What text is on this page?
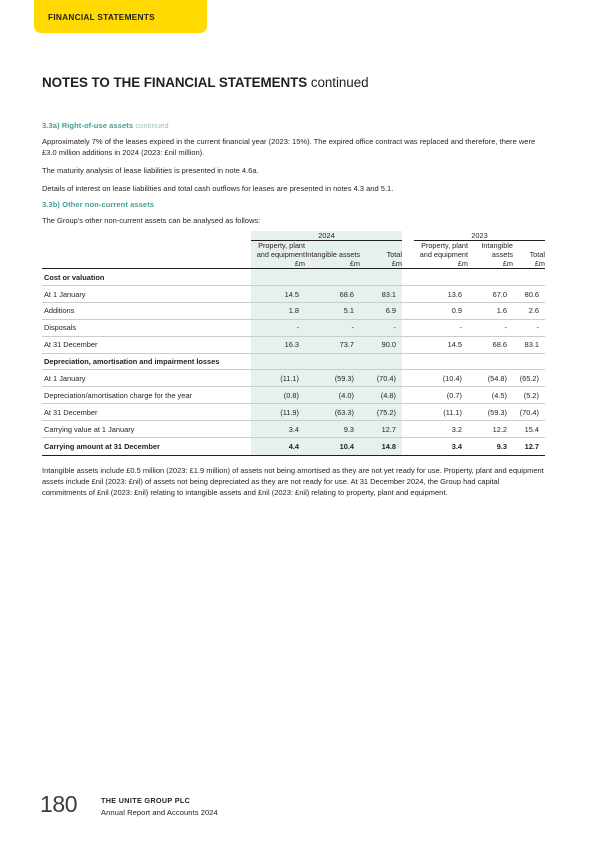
FINANCIAL STATEMENTS
NOTES TO THE FINANCIAL STATEMENTS continued
3.3a) Right-of-use assets continued

Approximately 7% of the leases expired in the current financial year (2023: 15%). The expired office contract was replaced and therefore, there were £3.0 million additions in 2024 (2023: £nil million).

The maturity analysis of lease liabilities is presented in note 4.6a.

Details of interest on lease liabilities and total cash outflows for leases are presented in notes 4.3 and 5.1.

3.3b) Other non-current assets

The Group's other non-current assets can be analysed as follows:

	2024				2023		
	Property, plant and equipment	Intangible assets	Total		Property, plant and equipment	Intangible assets	Total
	£m	£m	£m		£m	£m	£m
Cost or valuation							
At 1 January	14.5	68.6	83.1		13.6	67.0	80.6
Additions	1.8	5.1	6.9		0.9	1.6	2.6
Disposals	-	-	-		-	-	-
At 31 December	16.3	73.7	90.0		14.5	68.6	83.1
Depreciation, amortisation and impairment losses							
At 1 January	(11.1)	(59.3)	(70.4)		(10.4)	(54.8)	(65.2)
Depreciation/amortisation charge for the year	(0.8)	(4.0)	(4.8)		(0.7)	(4.5)	(5.2)
At 31 December	(11.9)	(63.3)	(75.2)		(11.1)	(59.3)	(70.4)
Carrying value at 1 January	3.4	9.3	12.7		3.2	12.2	15.4
Carrying amount at 31 December	4.4	10.4	14.8		3.4	9.3	12.7

Intangible assets include £0.5 million (2023: £1.9 million) of assets not being amortised as they are not yet ready for use. Property, plant and equipment assets include £nil (2023: £nil) of assets not being depreciated as they are not ready for use. At 31 December 2024, the Group had capital commitments of £nil (2023: £nil) relating to intangible assets and £nil (2023: £nil) relating to property, plant and equipment.

180	THE UNITE GROUP PLC
Annual Report and Accounts 2024
